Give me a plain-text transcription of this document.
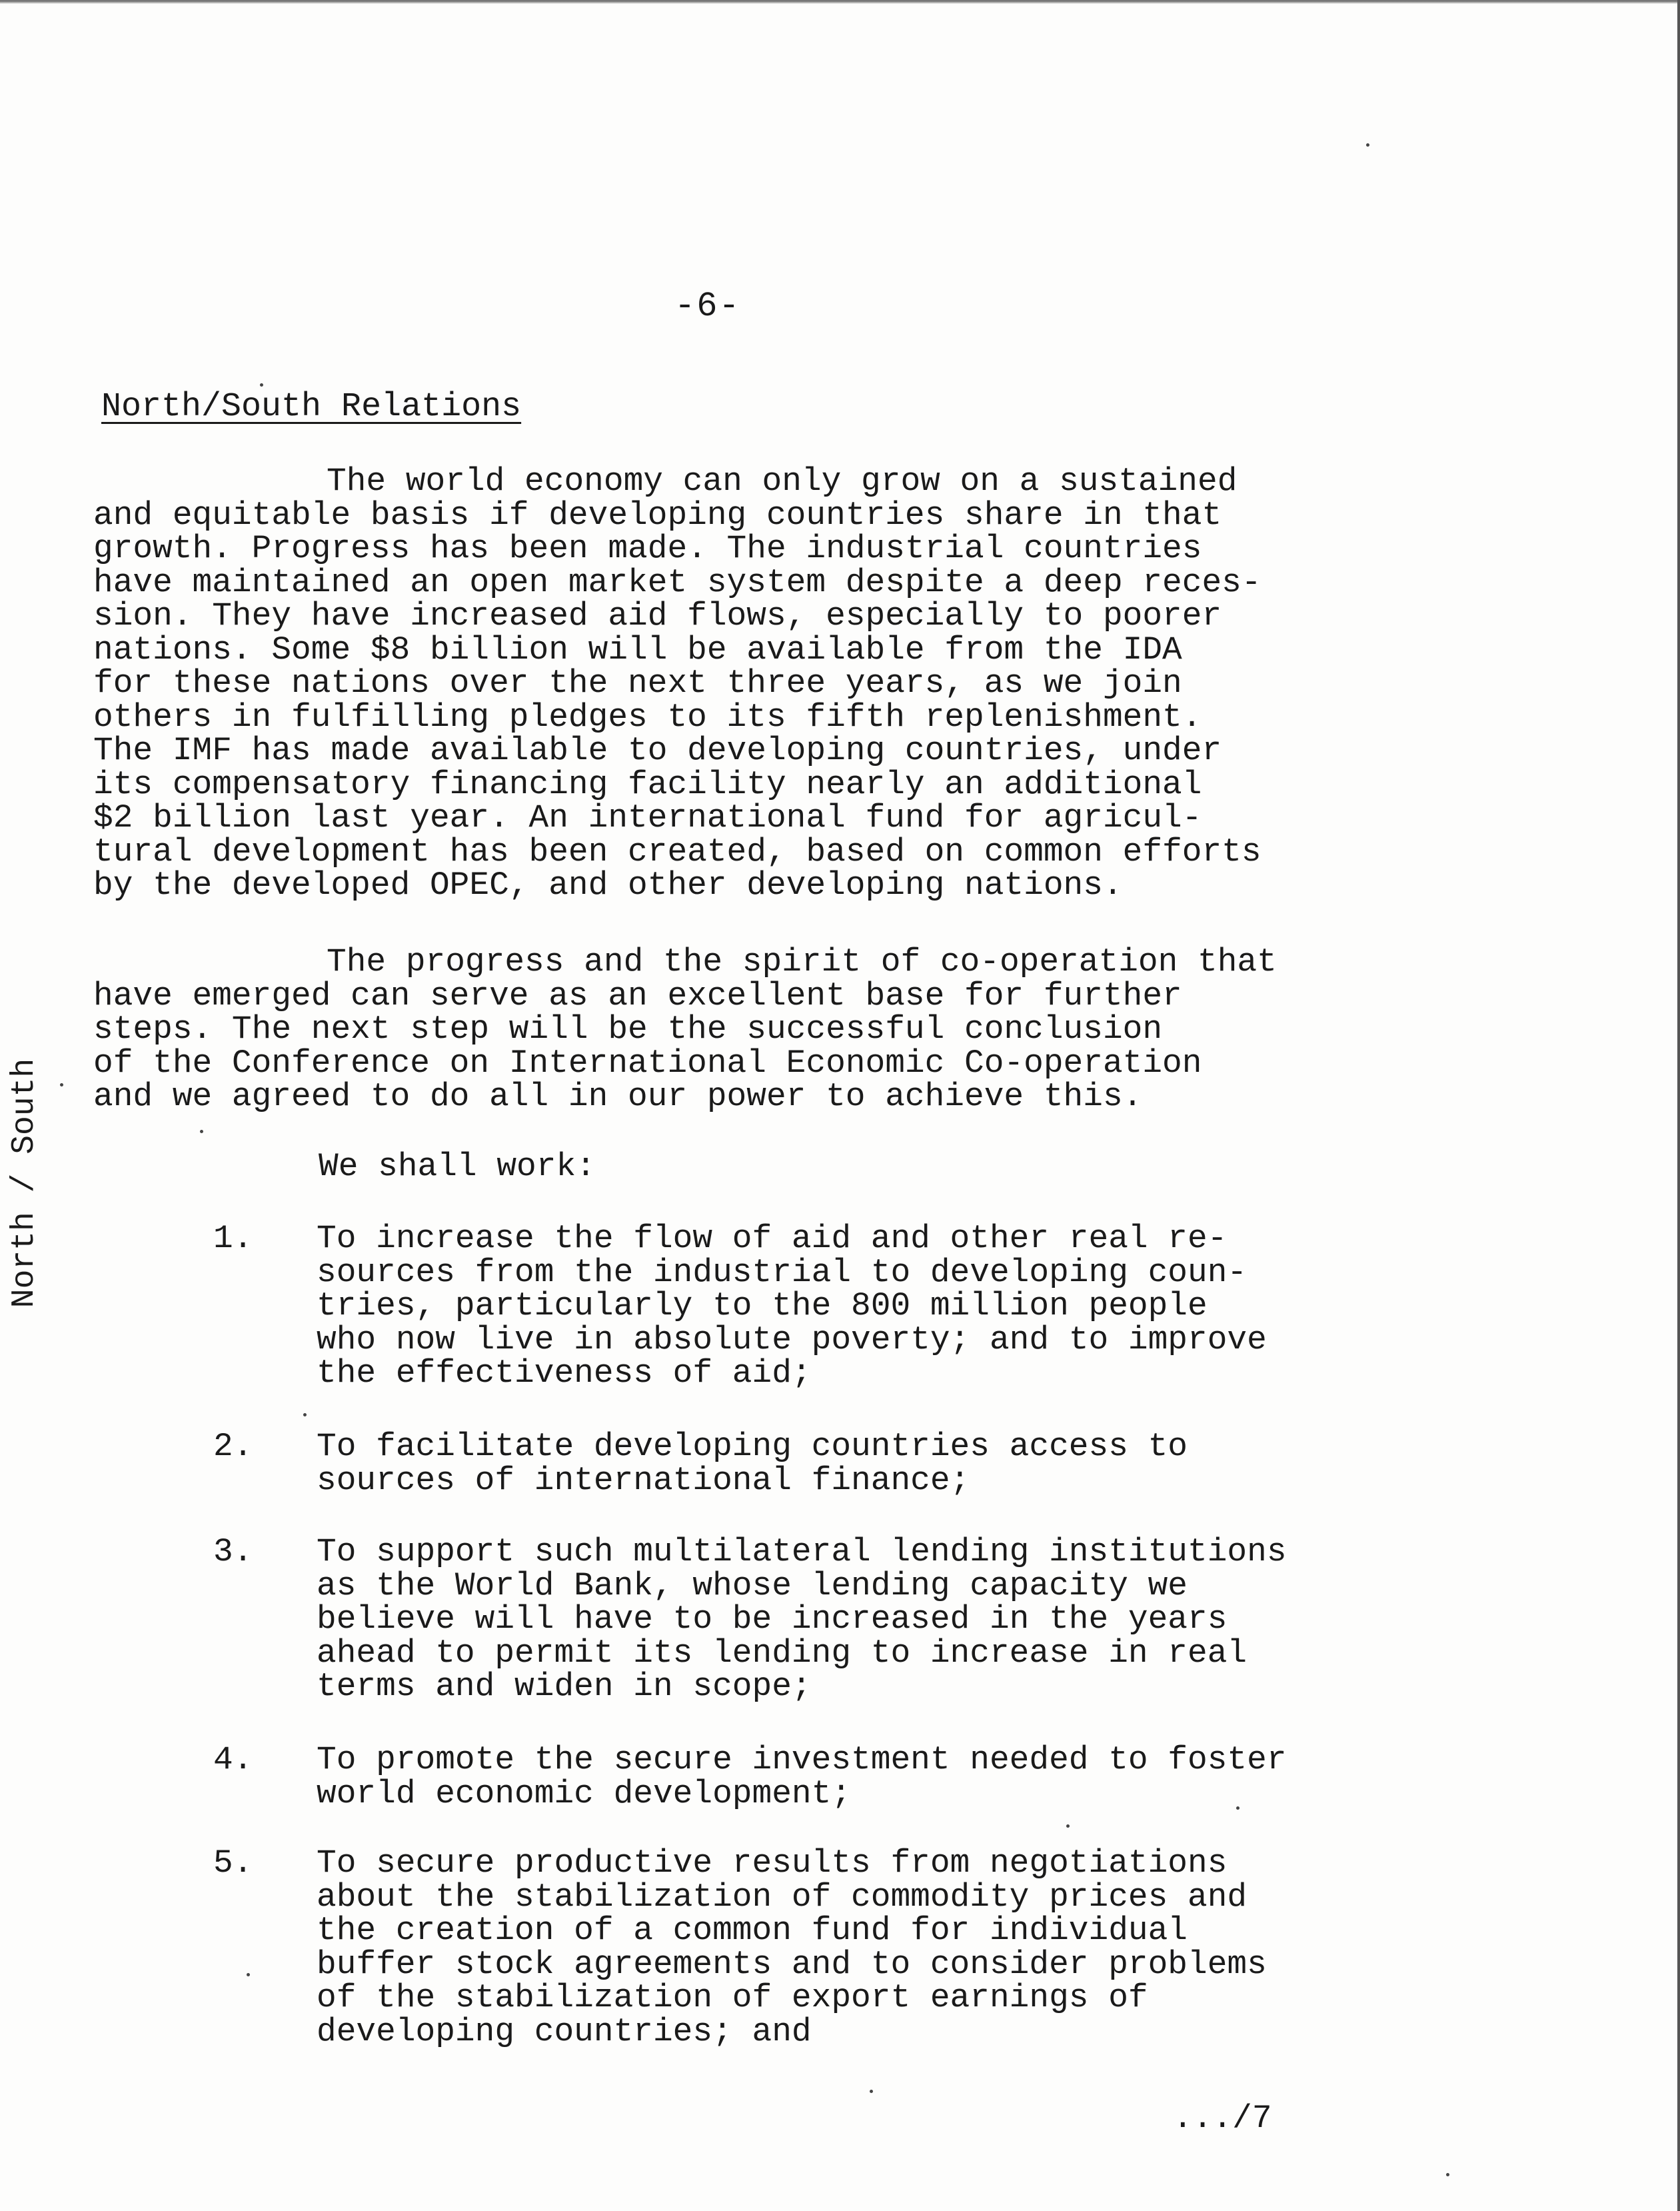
-6-
North/South Relations
The world economy can only grow on a sustained
and equitable basis if developing countries share in that
growth. Progress has been made. The industrial countries
have maintained an open market system despite a deep reces-
sion. They have increased aid flows, especially to poorer
nations. Some $8 billion will be available from the IDA
for these nations over the next three years, as we join
others in fulfilling pledges to its fifth replenishment.
The IMF has made available to developing countries, under
its compensatory financing facility nearly an additional
$2 billion last year. An international fund for agricul-
tural development has been created, based on common efforts
by the developed OPEC, and other developing nations.
The progress and the spirit of co-operation that
have emerged can serve as an excellent base for further
steps. The next step will be the successful conclusion
of the Conference on International Economic Co-operation
and we agreed to do all in our power to achieve this.
North / South	We shall work:
1. To increase the flow of aid and other real re-
sources from the industrial to developing coun-
tries, particularly to the 800 million people
who now live in absolute poverty; and to improve
the effectiveness of aid;
2. To facilitate developing countries access to
sources of international finance;
3. To support such multilateral lending institutions
as the World Bank, whose lending capacity we
believe will have to be increased in the years
ahead to permit its lending to increase in real
terms and widen in scope;
4. To promote the secure investment needed to foster
world economic development;
5. To secure productive results from negotiations
about the stabilization of commodity prices and
the creation of a common fund for individual
buffer stock agreements and to consider problems
of the stabilization of export earnings of
developing countries; and
.../7
